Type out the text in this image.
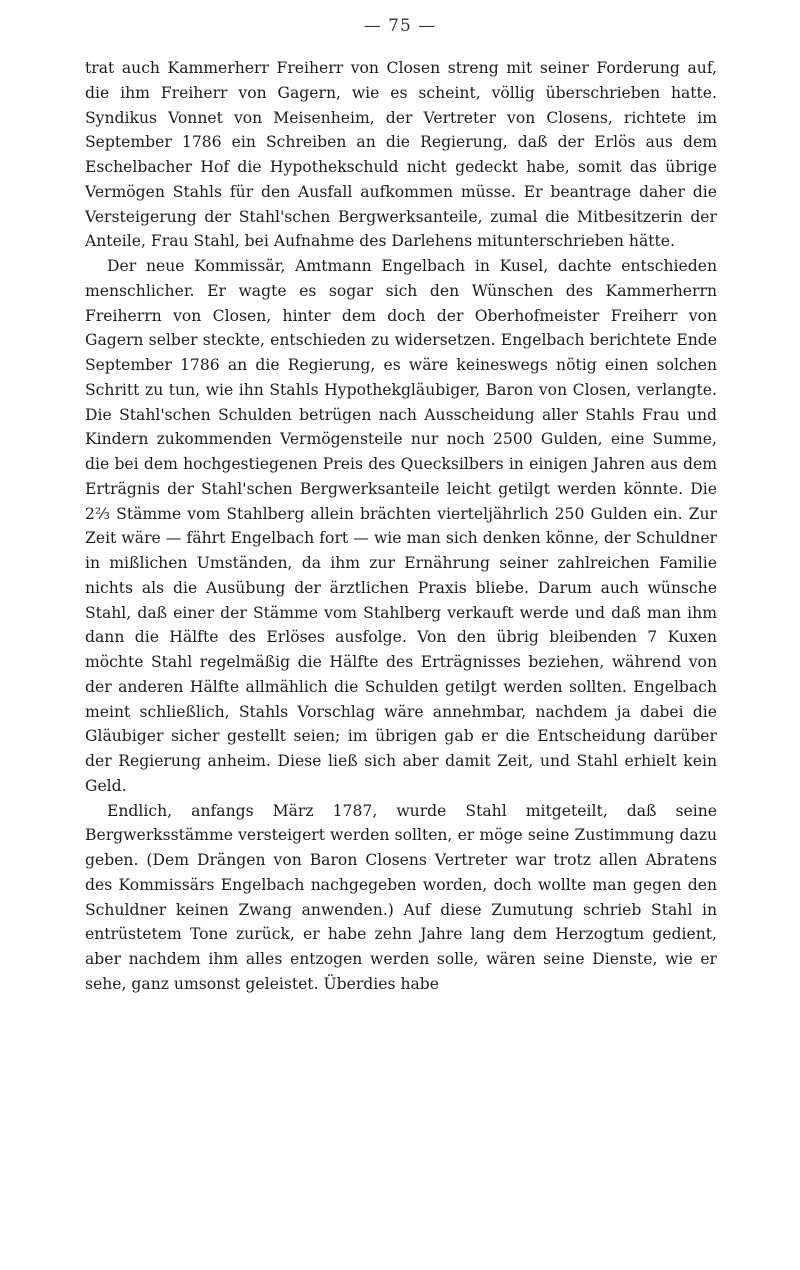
— 75 —

trat auch Kammerherr Freiherr von Closen streng mit seiner Forderung auf, die ihm Freiherr von Gagern, wie es scheint, völlig überschrieben hatte. Syndikus Vonnet von Meisenheim, der Vertreter von Closens, richtete im September 1786 ein Schreiben an die Regierung, daß der Erlös aus dem Eschelbacher Hof die Hypothekschuld nicht gedeckt habe, somit das übrige Vermögen Stahls für den Ausfall aufkommen müsse. Er beantrage daher die Versteigerung der Stahl'schen Bergwerksanteile, zumal die Mitbesitzerin der Anteile, Frau Stahl, bei Aufnahme des Darlehens mitunterschrieben hätte.

Der neue Kommissär, Amtmann Engelbach in Kusel, dachte entschieden menschlicher. Er wagte es sogar sich den Wünschen des Kammerherrn Freiherrn von Closen, hinter dem doch der Oberhofmeister Freiherr von Gagern selber steckte, entschieden zu widersetzen. Engelbach berichtete Ende September 1786 an die Regierung, es wäre keineswegs nötig einen solchen Schritt zu tun, wie ihn Stahls Hypothekgläubiger, Baron von Closen, verlangte. Die Stahl'schen Schulden betrügen nach Ausscheidung aller Stahls Frau und Kindern zukommenden Vermögensteile nur noch 2500 Gulden, eine Summe, die bei dem hochgestiegenen Preis des Quecksilbers in einigen Jahren aus dem Erträgnis der Stahl'schen Bergwerksanteile leicht getilgt werden könnte. Die 2⅔ Stämme vom Stahlberg allein brächten vierteljährlich 250 Gulden ein. Zur Zeit wäre — fährt Engelbach fort — wie man sich denken könne, der Schuldner in mißlichen Umständen, da ihm zur Ernährung seiner zahlreichen Familie nichts als die Ausübung der ärztlichen Praxis bliebe. Darum auch wünsche Stahl, daß einer der Stämme vom Stahlberg verkauft werde und daß man ihm dann die Hälfte des Erlöses ausfolge. Von den übrig bleibenden 7 Kuxen möchte Stahl regelmäßig die Hälfte des Erträgnisses beziehen, während von der anderen Hälfte allmählich die Schulden getilgt werden sollten. Engelbach meint schließlich, Stahls Vorschlag wäre annehmbar, nachdem ja dabei die Gläubiger sicher gestellt seien; im übrigen gab er die Entscheidung darüber der Regierung anheim. Diese ließ sich aber damit Zeit, und Stahl erhielt kein Geld.

Endlich, anfangs März 1787, wurde Stahl mitgeteilt, daß seine Bergwerksstämme versteigert werden sollten, er möge seine Zustimmung dazu geben. (Dem Drängen von Baron Closens Vertreter war trotz allen Abratens des Kommissärs Engelbach nachgegeben worden, doch wollte man gegen den Schuldner keinen Zwang anwenden.) Auf diese Zumutung schrieb Stahl in entrüstetem Tone zurück, er habe zehn Jahre lang dem Herzogtum gedient, aber nachdem ihm alles entzogen werden solle, wären seine Dienste, wie er sehe, ganz umsonst geleistet. Überdies habe
